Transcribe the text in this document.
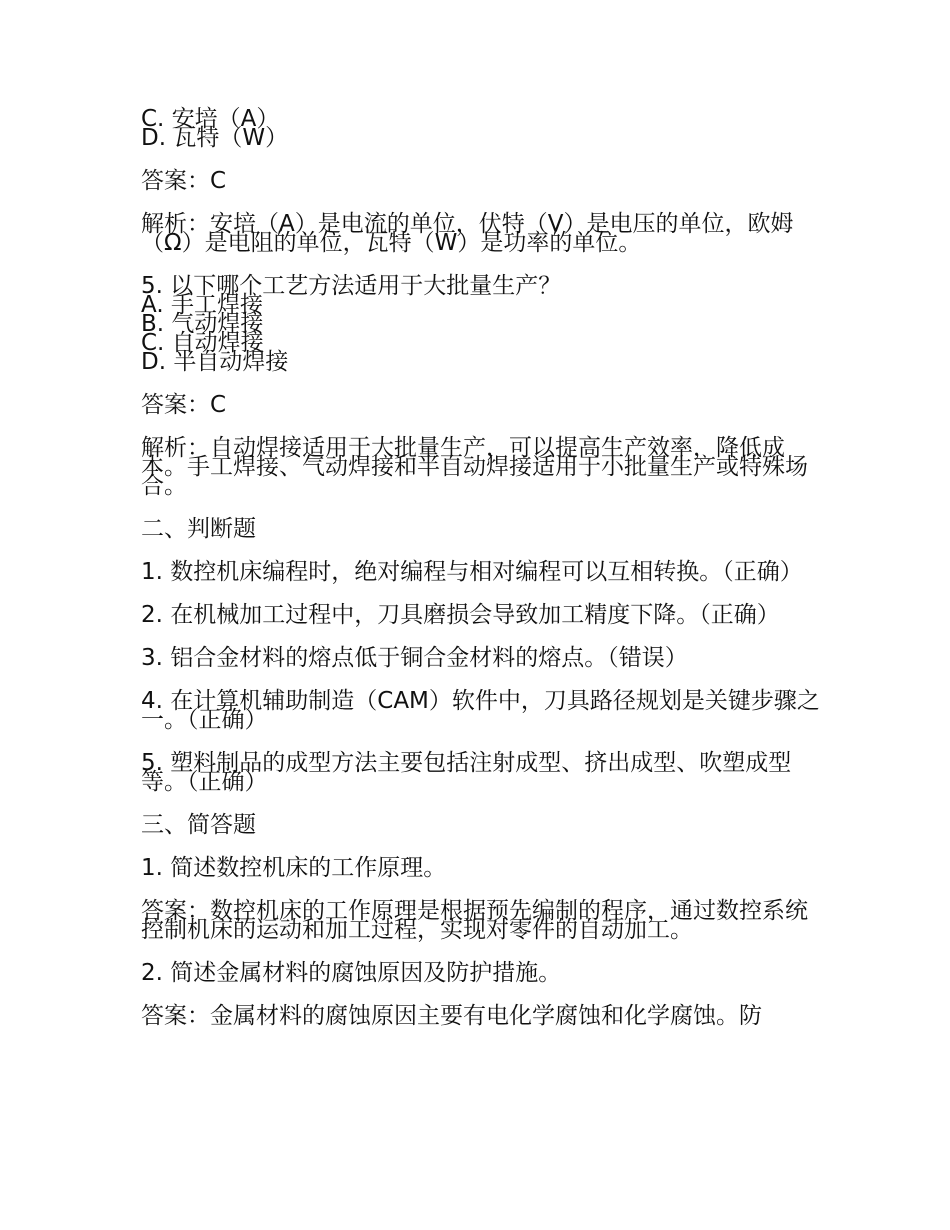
C. 安培（A）
D. 瓦特（W）
答案：C
解析：安培（A）是电流的单位，伏特（V）是电压的单位，欧姆（Ω）是电阻的单位，瓦特（W）是功率的单位。
5. 以下哪个工艺方法适用于大批量生产？
A. 手工焊接
B. 气动焊接
C. 自动焊接
D. 半自动焊接
答案：C
解析：自动焊接适用于大批量生产，可以提高生产效率，降低成本。手工焊接、气动焊接和半自动焊接适用于小批量生产或特殊场合。
二、判断题
1. 数控机床编程时，绝对编程与相对编程可以互相转换。（正确）
2. 在机械加工过程中，刀具磨损会导致加工精度下降。（正确）
3. 铝合金材料的熔点低于铜合金材料的熔点。（错误）
4. 在计算机辅助制造（CAM）软件中，刀具路径规划是关键步骤之一。（正确）
5. 塑料制品的成型方法主要包括注射成型、挤出成型、吹塑成型等。（正确）
三、简答题
1. 简述数控机床的工作原理。
答案：数控机床的工作原理是根据预先编制的程序，通过数控系统控制机床的运动和加工过程，实现对零件的自动加工。
2. 简述金属材料的腐蚀原因及防护措施。
答案：金属材料的腐蚀原因主要有电化学腐蚀和化学腐蚀。防
